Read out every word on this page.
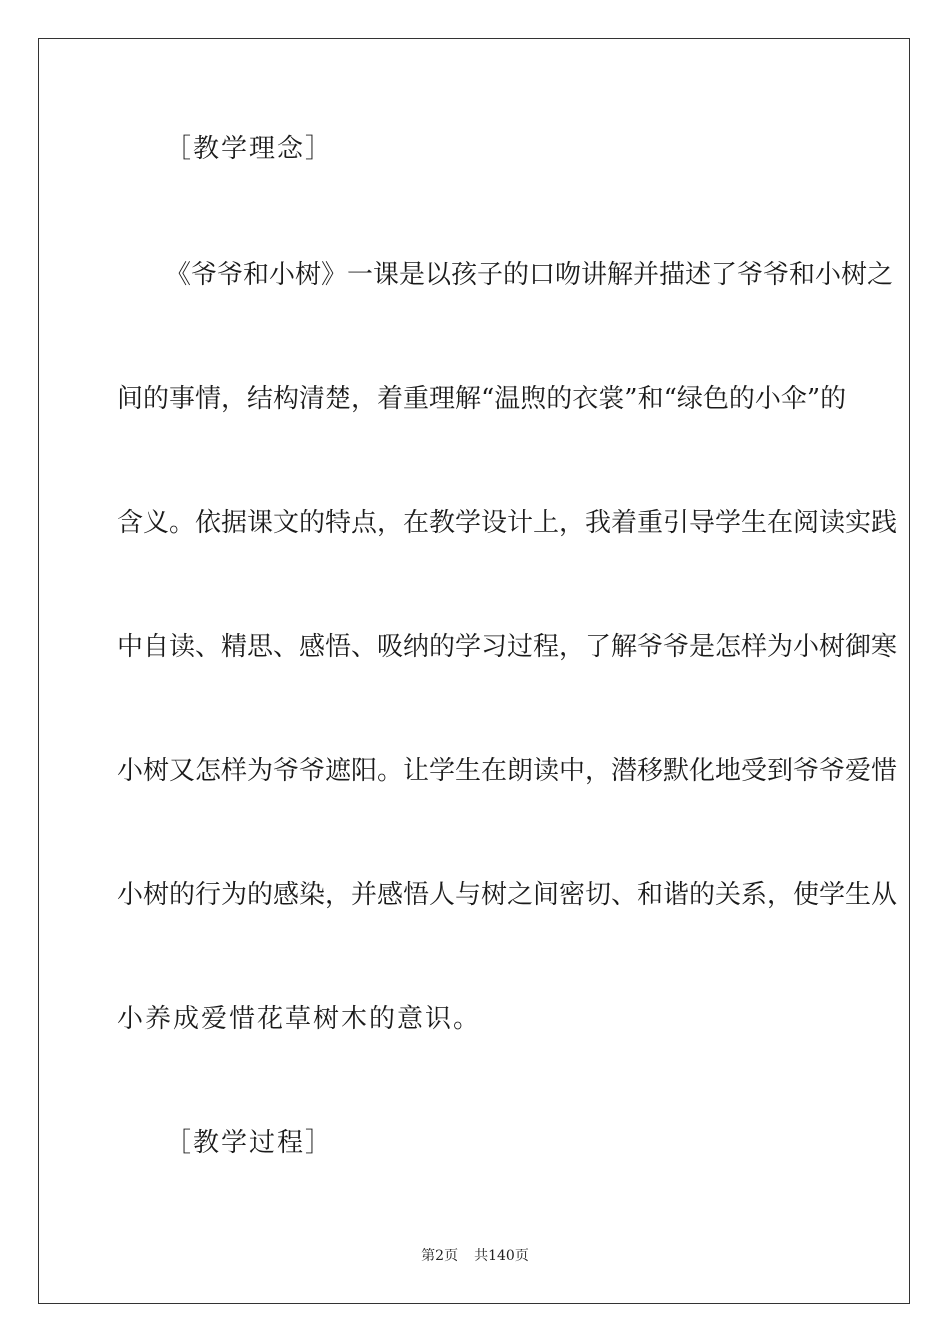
［教学理念］
《爷爷和小树》一课是以孩子的口吻讲解并描述了爷爷和小树之
间的事情，结构清楚，着重理解“温煦的衣裳”和“绿色的小伞”的
含义。依据课文的特点，在教学设计上，我着重引导学生在阅读实践
中自读、精思、感悟、吸纳的学习过程，了解爷爷是怎样为小树御寒
小树又怎样为爷爷遮阳。让学生在朗读中，潜移默化地受到爷爷爱惜
小树的行为的感染，并感悟人与树之间密切、和谐的关系，使学生从
小养成爱惜花草树木的意识。
［教学过程］
第2页 共140页
